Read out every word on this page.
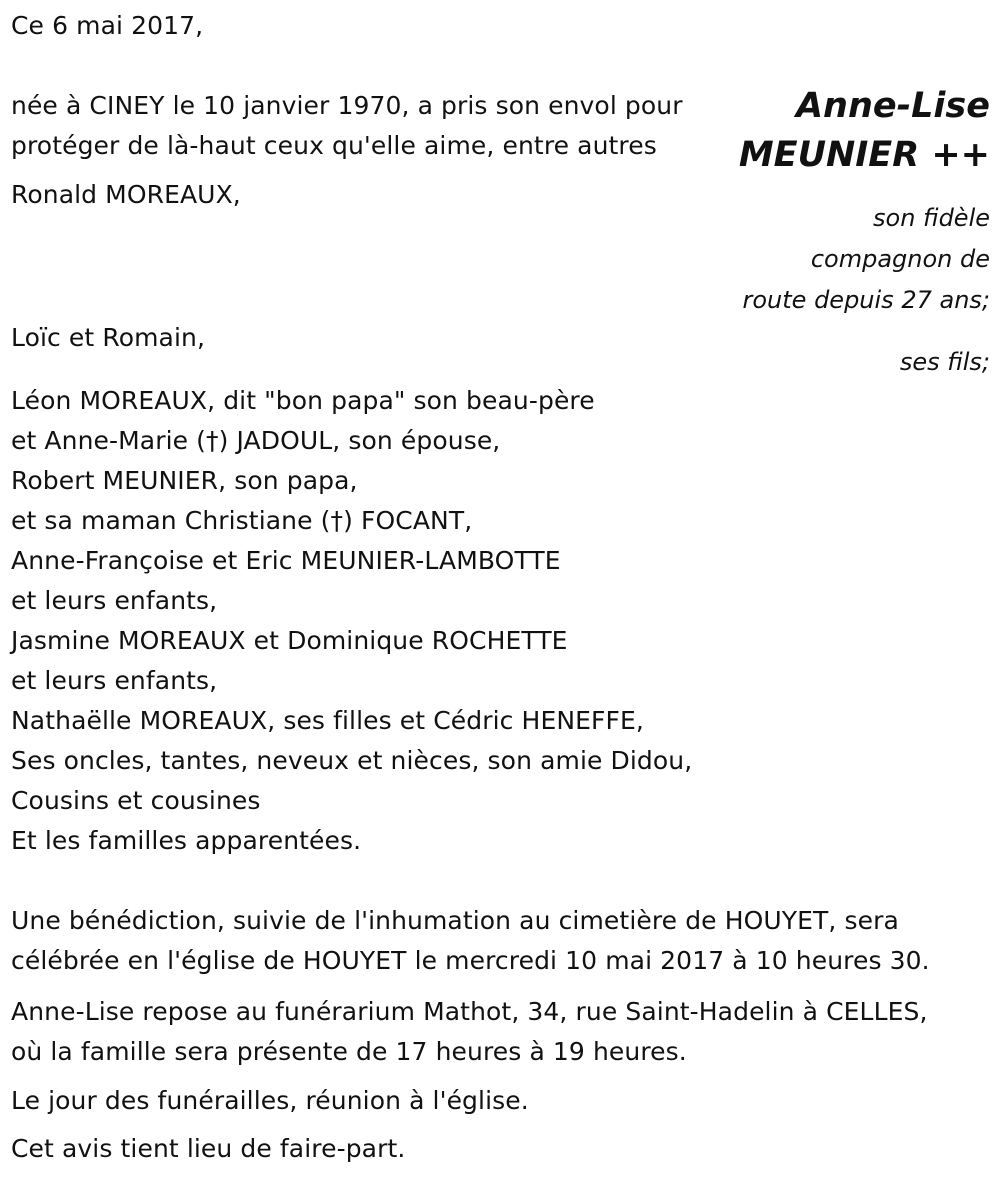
Ce 6 mai 2017,
Anne-Lise
MEUNIER ++
née à CINEY le 10 janvier 1970, a pris son envol pour
protéger de là-haut ceux qu'elle aime, entre autres
Ronald MOREAUX,
son fidèle
compagnon de
route depuis 27 ans;
Loïc et Romain,
ses fils;
Léon MOREAUX, dit "bon papa" son beau-père
et Anne-Marie (†) JADOUL, son épouse,
Robert MEUNIER, son papa,
et sa maman Christiane (†) FOCANT,
Anne-Françoise et Eric MEUNIER-LAMBOTTE
et leurs enfants,
Jasmine MOREAUX et Dominique ROCHETTE
et leurs enfants,
Nathaëlle MOREAUX, ses filles et Cédric HENEFFE,
Ses oncles, tantes, neveux et nièces, son amie Didou,
Cousins et cousines
Et les familles apparentées.
Une bénédiction, suivie de l'inhumation au cimetière de HOUYET, sera
célébrée en l'église de HOUYET le mercredi 10 mai 2017 à 10 heures 30.
Anne-Lise repose au funérarium Mathot, 34, rue Saint-Hadelin à CELLES,
où la famille sera présente de 17 heures à 19 heures.
Le jour des funérailles, réunion à l'église.
Cet avis tient lieu de faire-part.
